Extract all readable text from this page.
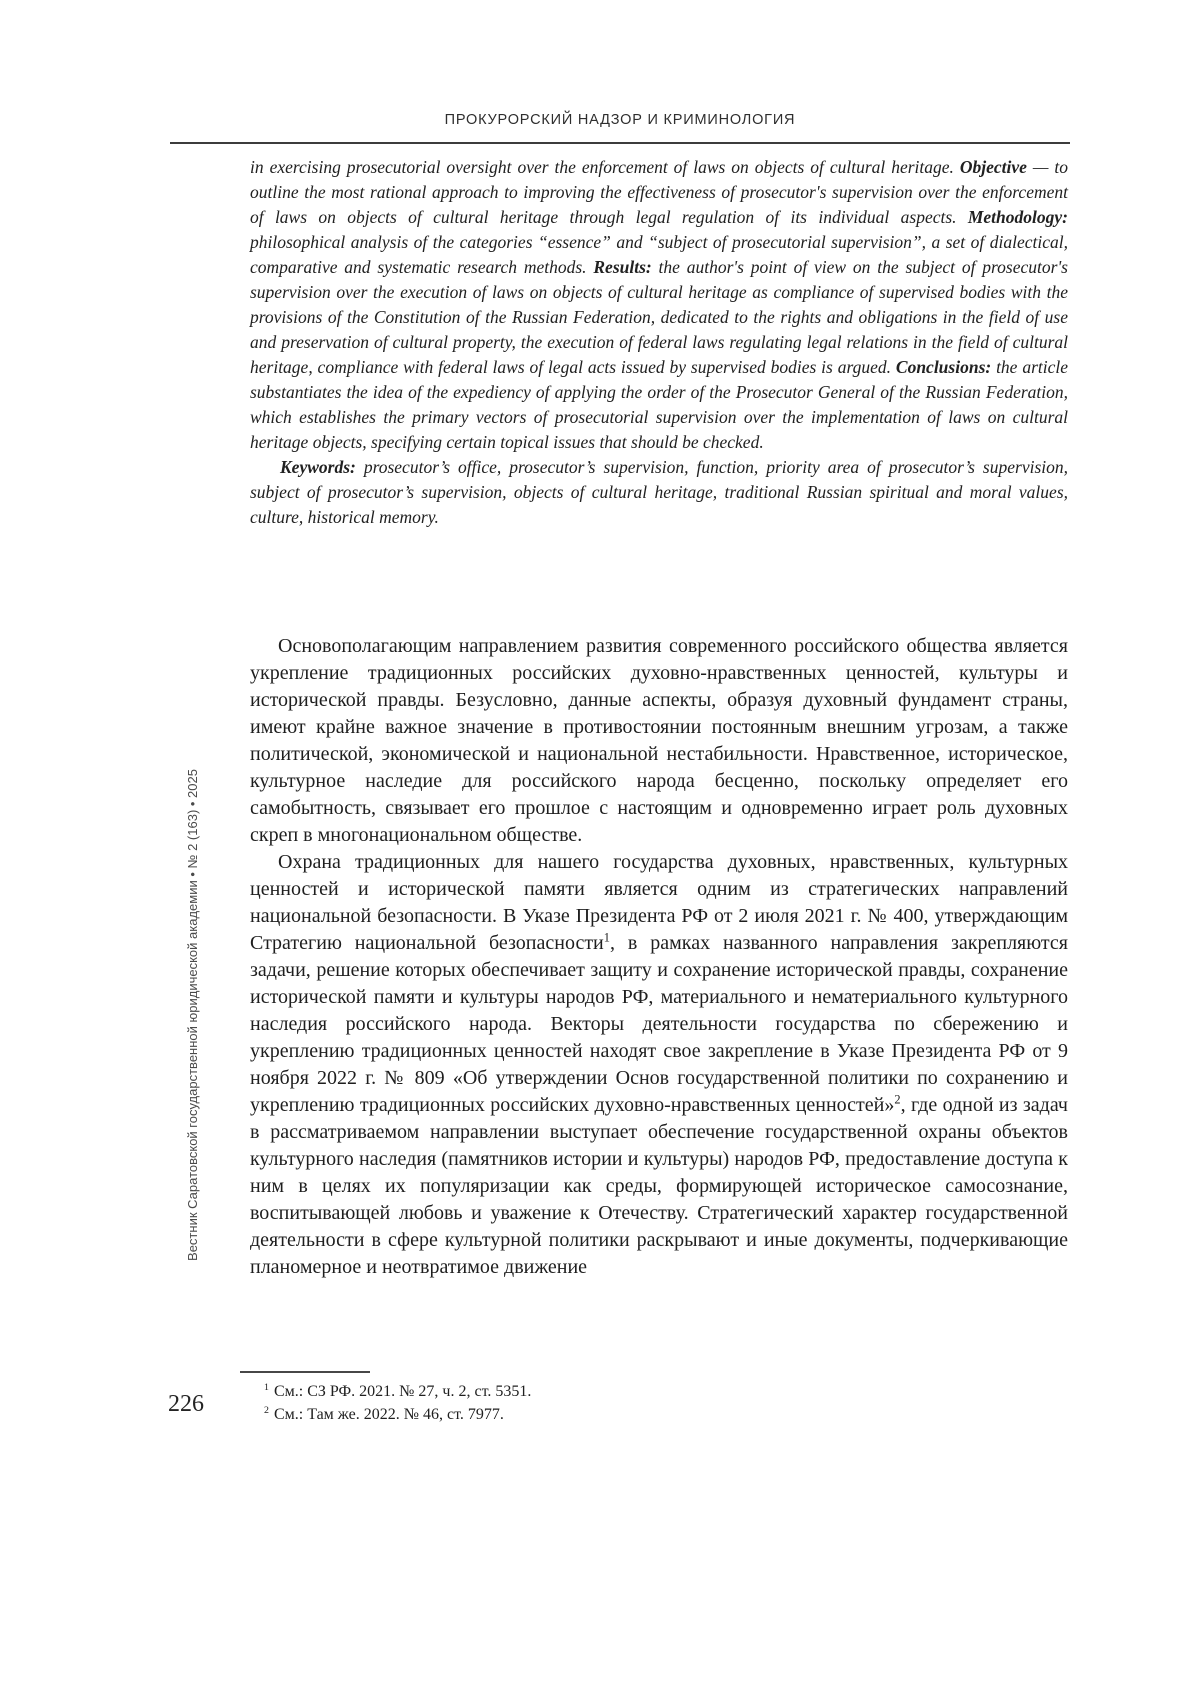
ПРОКУРОРСКИЙ НАДЗОР И КРИМИНОЛОГИЯ
Вестник Саратовской государственной юридической академии • № 2 (163) • 2025

in exercising prosecutorial oversight over the enforcement of laws on objects of cultural heritage. Objective — to outline the most rational approach to improving the effectiveness of prosecutor's supervision over the enforcement of laws on objects of cultural heritage through legal regulation of its individual aspects. Methodology: philosophical analysis of the categories “essence” and “subject of prosecutorial supervision”, a set of dialectical, comparative and systematic research methods. Results: the author's point of view on the subject of prosecutor's supervision over the execution of laws on objects of cultural heritage as compliance of supervised bodies with the provisions of the Constitution of the Russian Federation, dedicated to the rights and obligations in the field of use and preservation of cultural property, the execution of federal laws regulating legal relations in the field of cultural heritage, compliance with federal laws of legal acts issued by supervised bodies is argued. Conclusions: the article substantiates the idea of the expediency of applying the order of the Prosecutor General of the Russian Federation, which establishes the primary vectors of prosecutorial supervision over the implementation of laws on cultural heritage objects, specifying certain topical issues that should be checked.

Keywords: prosecutor’s office, prosecutor’s supervision, function, priority area of prosecutor’s supervision, subject of prosecutor’s supervision, objects of cultural heritage, traditional Russian spiritual and moral values, culture, historical memory.

Основополагающим направлением развития современного российского общества является укрепление традиционных российских духовно-нравственных ценностей, культуры и исторической правды. Безусловно, данные аспекты, образуя духовный фундамент страны, имеют крайне важное значение в противостоянии постоянным внешним угрозам, а также политической, экономической и национальной нестабильности. Нравственное, историческое, культурное наследие для российского народа бесценно, поскольку определяет его самобытность, связывает его прошлое с настоящим и одновременно играет роль духовных скреп в многонациональном обществе.

Охрана традиционных для нашего государства духовных, нравственных, культурных ценностей и исторической памяти является одним из стратегических направлений национальной безопасности. В Указе Президента РФ от 2 июля 2021 г. № 400, утверждающим Стратегию национальной безопасности$^1$, в рамках названного направления закрепляются задачи, решение которых обеспечивает защиту и сохранение исторической правды, сохранение исторической памяти и культуры народов РФ, материального и нематериального культурного наследия российского народа. Векторы деятельности государства по сбережению и укреплению традиционных ценностей находят свое закрепление в Указе Президента РФ от 9 ноября 2022 г. № 809 «Об утверждении Основ государственной политики по сохранению и укреплению традиционных российских духовно-нравственных ценностей»$^2$, где одной из задач в рассматриваемом направлении выступает обеспечение государственной охраны объектов культурного наследия (памятников истории и культуры) народов РФ, предоставление доступа к ним в целях их популяризации как среды, формирующей историческое самосознание, воспитывающей любовь и уважение к Отечеству. Стратегический характер государственной деятельности в сфере культурной политики раскрывают и иные документы, подчеркивающие планомерное и неотвратимое движение

$^1$ См.: СЗ РФ. 2021. № 27, ч. 2, ст. 5351.

$^2$ См.: Там же. 2022. № 46, ст. 7977.

226
